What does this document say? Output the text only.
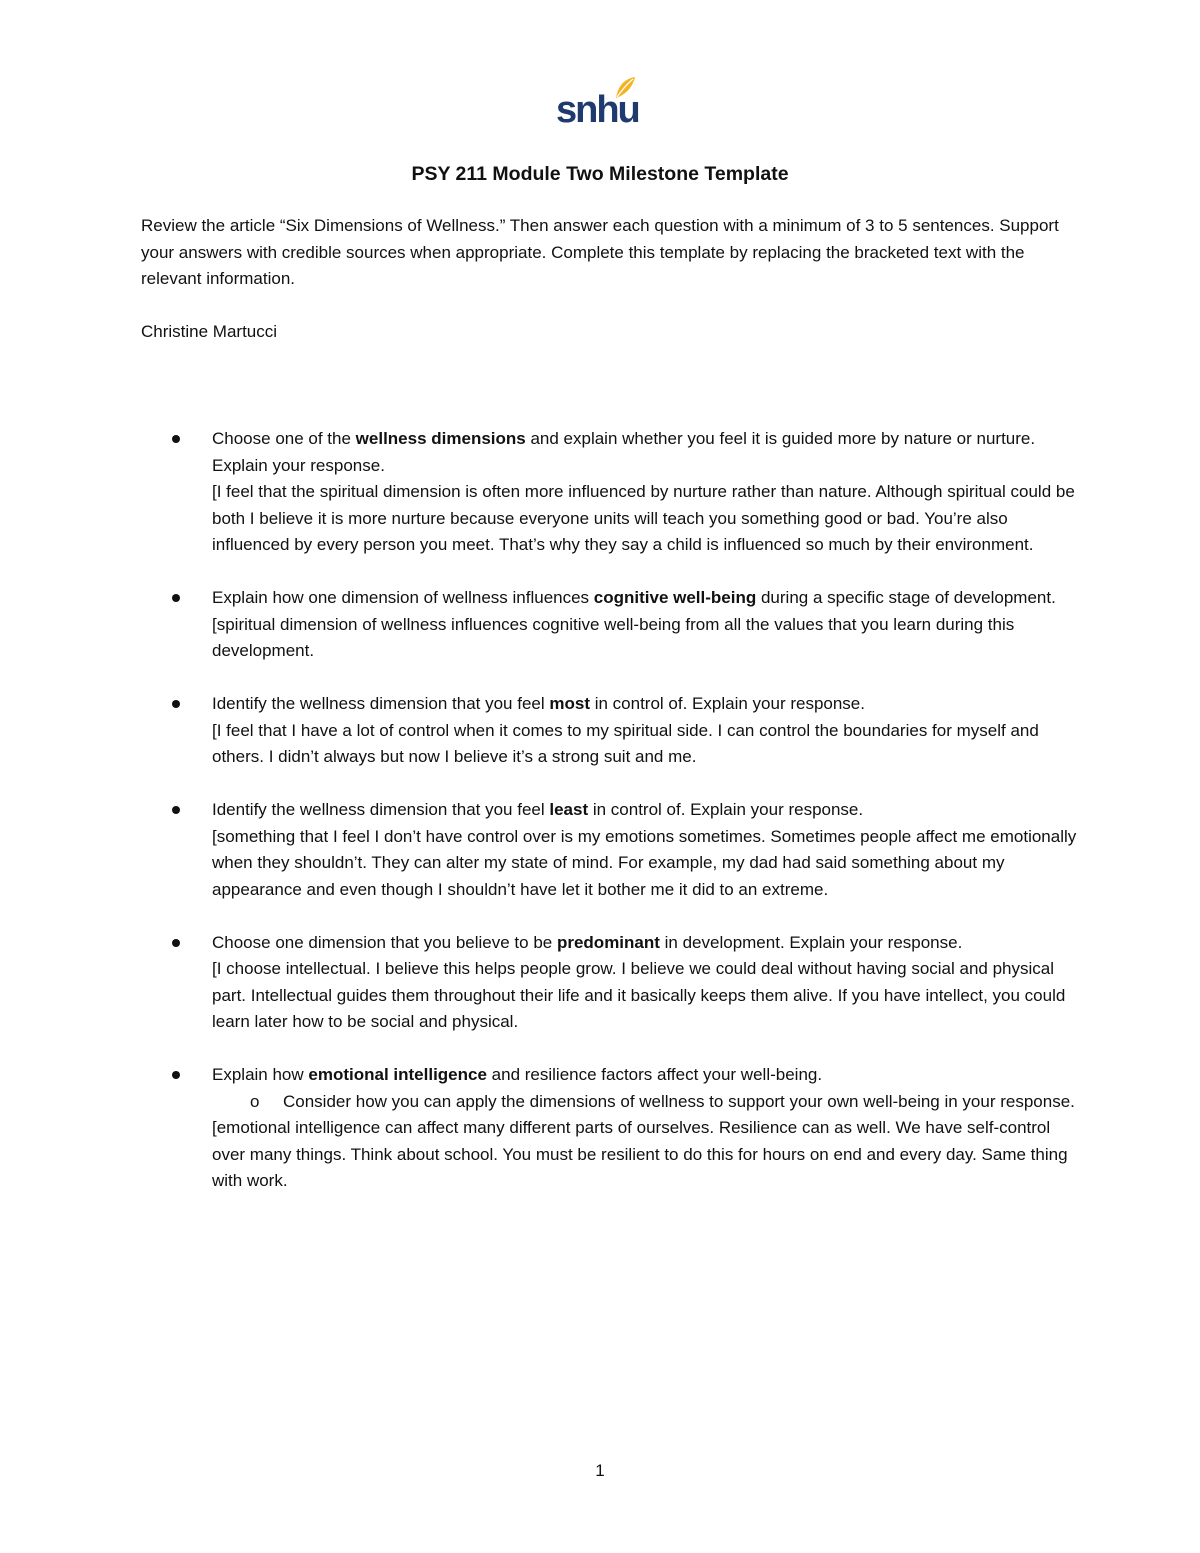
snhu
PSY 211 Module Two Milestone Template

Review the article “Six Dimensions of Wellness.” Then answer each question with a minimum of 3 to 5 sentences. Support your answers with credible sources when appropriate. Complete this template by replacing the bracketed text with the relevant information.

Christine Martucci

Choose one of the wellness dimensions and explain whether you feel it is guided more by nature or nurture. Explain your response.

[I feel that the spiritual dimension is often more influenced by nurture rather than nature. Although spiritual could be both I believe it is more nurture because everyone units will teach you something good or bad. You’re also influenced by every person you meet. That’s why they say a child is influenced so much by their environment.

Explain how one dimension of wellness influences cognitive well-being during a specific stage of development.

[spiritual dimension of wellness influences cognitive well-being from all the values that you learn during this development.

Identify the wellness dimension that you feel most in control of. Explain your response.

[I feel that I have a lot of control when it comes to my spiritual side. I can control the boundaries for myself and others. I didn’t always but now I believe it’s a strong suit and me.

Identify the wellness dimension that you feel least in control of. Explain your response.

[something that I feel I don’t have control over is my emotions sometimes. Sometimes people affect me emotionally when they shouldn’t. They can alter my state of mind. For example, my dad had said something about my appearance and even though I shouldn’t have let it bother me it did to an extreme.

Choose one dimension that you believe to be predominant in development. Explain your response.

[I choose intellectual. I believe this helps people grow. I believe we could deal without having social and physical part. Intellectual guides them throughout their life and it basically keeps them alive. If you have intellect, you could learn later how to be social and physical.

Explain how emotional intelligence and resilience factors affect your well-being.

o Consider how you can apply the dimensions of wellness to support your own well-being in your response.

[emotional intelligence can affect many different parts of ourselves. Resilience can as well. We have self-control over many things. Think about school. You must be resilient to do this for hours on end and every day. Same thing with work.

1
